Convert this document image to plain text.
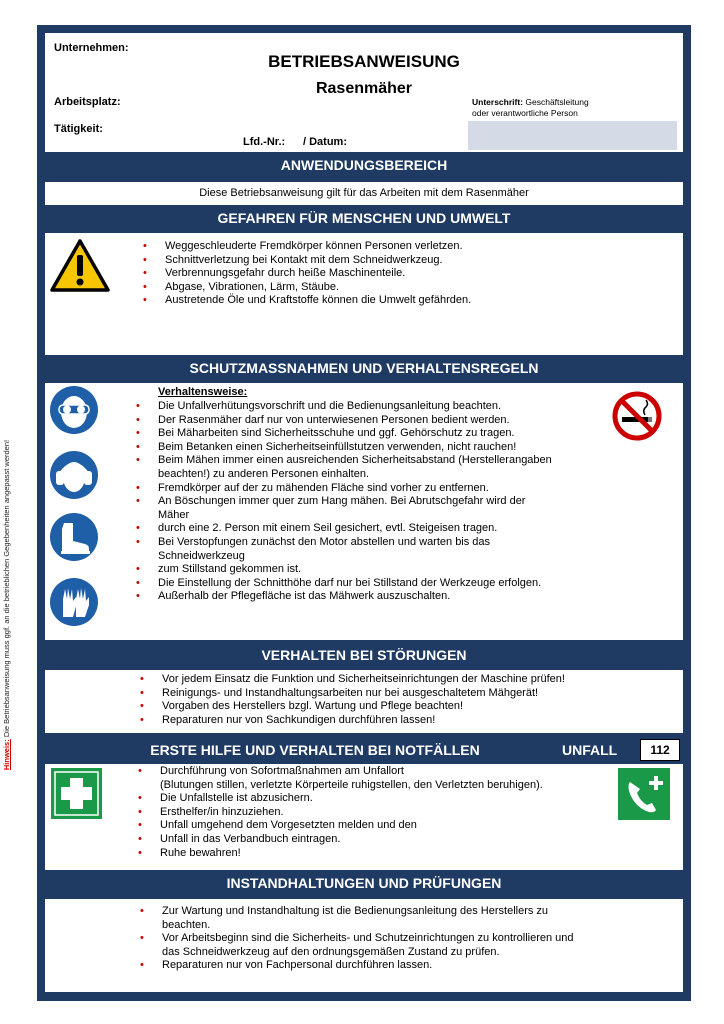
Hinweis: Die Betriebsanweisung muss ggf. an die betrieblichen Gegebenheiten angepasst werden!
Unternehmen:
BETRIEBSANWEISUNG
Rasenmäher
Arbeitsplatz:
Tätigkeit:
Lfd.-Nr.: / Datum:
Unterschrift: Geschäftsleitung
oder verantwortliche Person
ANWENDUNGSBEREICH
Diese Betriebsanweisung gilt für das Arbeiten mit dem Rasenmäher
GEFAHREN FÜR MENSCHEN UND UMWELT
• Weggeschleuderte Fremdkörper können Personen verletzen.
• Schnittverletzung bei Kontakt mit dem Schneidwerkzeug.
• Verbrennungsgefahr durch heiße Maschinenteile.
• Abgase, Vibrationen, Lärm, Stäube.
• Austretende Öle und Kraftstoffe können die Umwelt gefährden.
SCHUTZMASSNAHMEN UND VERHALTENSREGELN
Verhaltensweise:
• Die Unfallverhütungsvorschrift und die Bedienungsanleitung beachten.
• Der Rasenmäher darf nur von unterwiesenen Personen bedient werden.
• Bei Mäharbeiten sind Sicherheitsschuhe und ggf. Gehörschutz zu tragen.
• Beim Betanken einen Sicherheitseinfüllstutzen verwenden, nicht rauchen!
• Beim Mähen immer einen ausreichenden Sicherheitsabstand (Herstellerangaben
beachten!) zu anderen Personen einhalten.
• Fremdkörper auf der zu mähenden Fläche sind vorher zu entfernen.
• An Böschungen immer quer zum Hang mähen. Bei Abrutschgefahr wird der
Mäher
• durch eine 2. Person mit einem Seil gesichert, evtl. Steigeisen tragen.
• Bei Verstopfungen zunächst den Motor abstellen und warten bis das
Schneidwerkzeug
• zum Stillstand gekommen ist.
• Die Einstellung der Schnitthöhe darf nur bei Stillstand der Werkzeuge erfolgen.
• Außerhalb der Pflegefläche ist das Mähwerk auszuschalten.
VERHALTEN BEI STÖRUNGEN
• Vor jedem Einsatz die Funktion und Sicherheitseinrichtungen der Maschine prüfen!
• Reinigungs- und Instandhaltungsarbeiten nur bei ausgeschaltetem Mähgerät!
• Vorgaben des Herstellers bzgl. Wartung und Pflege beachten!
• Reparaturen nur von Sachkundigen durchführen lassen!
ERSTE HILFE UND VERHALTEN BEI NOTFÄLLEN	UNFALL	112
• Durchführung von Sofortmaßnahmen am Unfallort
(Blutungen stillen, verletzte Körperteile ruhigstellen, den Verletzten beruhigen).
• Die Unfallstelle ist abzusichern.
• Ersthelfer/in hinzuziehen.
• Unfall umgehend dem Vorgesetzten melden und den
• Unfall in das Verbandbuch eintragen.
• Ruhe bewahren!
INSTANDHALTUNGEN UND PRÜFUNGEN
• Zur Wartung und Instandhaltung ist die Bedienungsanleitung des Herstellers zu
beachten.
• Vor Arbeitsbeginn sind die Sicherheits- und Schutzeinrichtungen zu kontrollieren und
das Schneidwerkzeug auf den ordnungsgemäßen Zustand zu prüfen.
• Reparaturen nur von Fachpersonal durchführen lassen.
